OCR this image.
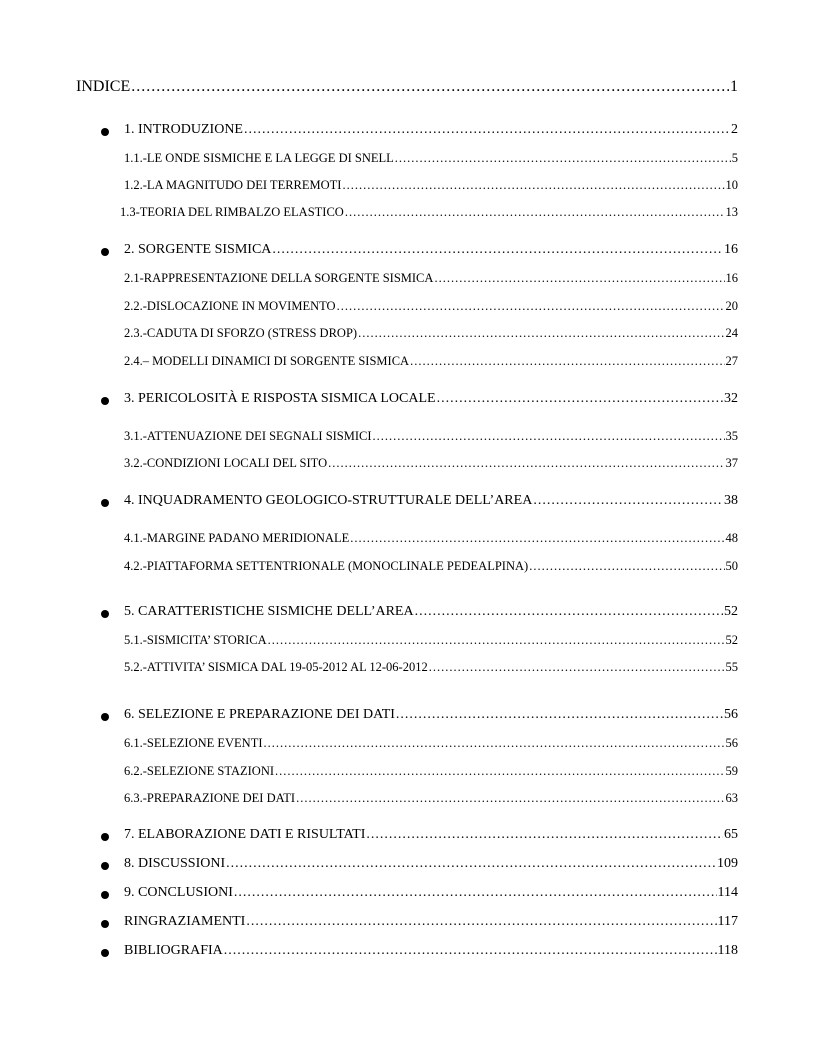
INDICE .....	1
1. INTRODUZIONE .....	2
1.1.-LE ONDE SISMICHE E LA LEGGE DI SNELL .....	5
1.2.-LA MAGNITUDO DEI TERREMOTI .....	10
1.3-TEORIA DEL RIMBALZO ELASTICO .....	13
2. SORGENTE SISMICA .....	16
2.1-RAPPRESENTAZIONE DELLA SORGENTE SISMICA .....	16
2.2.-DISLOCAZIONE IN MOVIMENTO .....	20
2.3.-CADUTA DI SFORZO (STRESS DROP) .....	24
2.4.– MODELLI DINAMICI DI SORGENTE SISMICA .....	27
3. PERICOLOSITÀ E RISPOSTA SISMICA LOCALE .....	32
3.1.-ATTENUAZIONE DEI SEGNALI SISMICI .....	35
3.2.-CONDIZIONI LOCALI DEL SITO .....	37
4. INQUADRAMENTO GEOLOGICO-STRUTTURALE DELL’AREA .....	38
4.1.-MARGINE PADANO MERIDIONALE .....	48
4.2.-PIATTAFORMA SETTENTRIONALE (MONOCLINALE PEDEALPINA) .....	50
5. CARATTERISTICHE SISMICHE DELL’AREA .....	52
5.1.-SISMICITA’ STORICA .....	52
5.2.-ATTIVITA’ SISMICA DAL 19-05-2012 AL 12-06-2012 .....	55
6. SELEZIONE E PREPARAZIONE DEI DATI .....	56
6.1.-SELEZIONE EVENTI .....	56
6.2.-SELEZIONE STAZIONI .....	59
6.3.-PREPARAZIONE DEI DATI .....	63
7. ELABORAZIONE DATI E RISULTATI .....	65
8. DISCUSSIONI .....	109
9. CONCLUSIONI .....	114
RINGRAZIAMENTI .....	117
BIBLIOGRAFIA .....	118
